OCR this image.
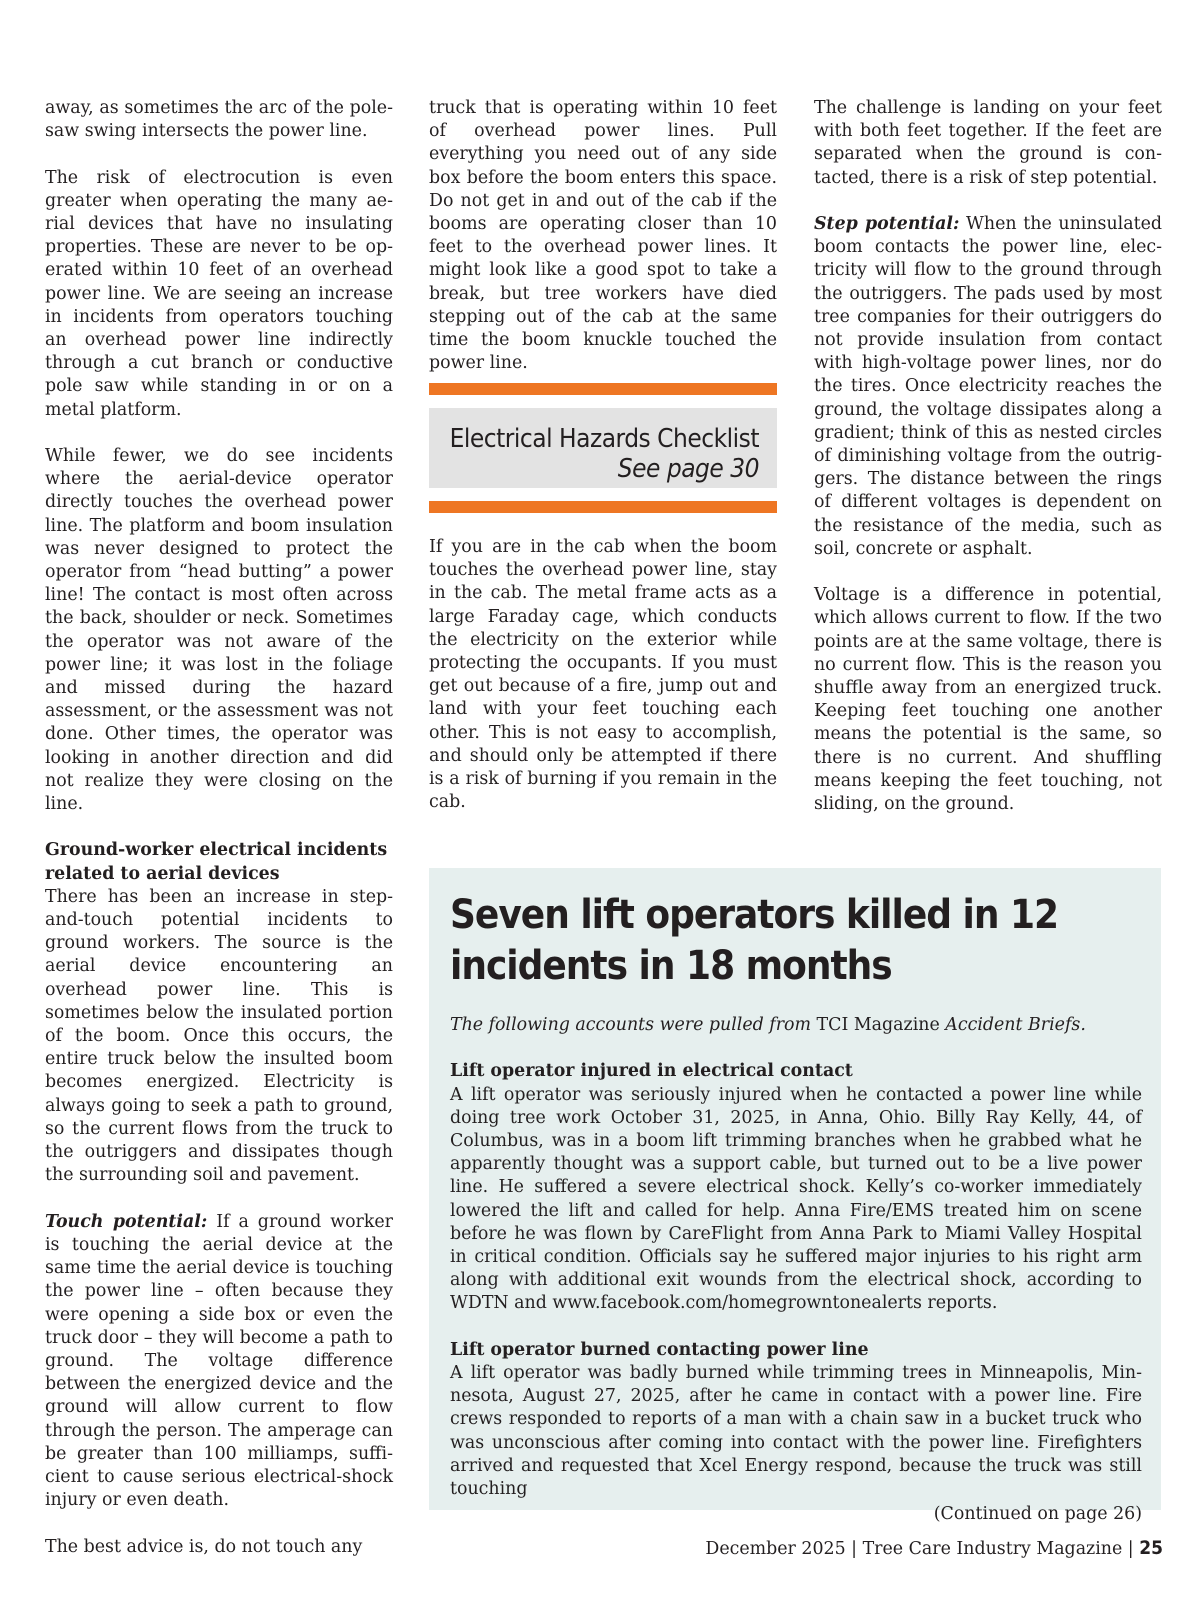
away, as sometimes the arc of the polesaw swing intersects the power line.

The risk of electrocution is even greater when operating the many aerial devices that have no insulating properties. These are never to be operated within 10 feet of an overhead power line. We are seeing an increase in incidents from operators touching an overhead power line indirectly through a cut branch or conductive pole saw while standing in or on a metal platform.

While fewer, we do see incidents where the aerial-device operator directly touches the overhead power line. The platform and boom insulation was never designed to protect the operator from “head butting” a power line! The contact is most often across the back, shoulder or neck. Sometimes the operator was not aware of the power line; it was lost in the foliage and missed during the hazard assessment, or the assessment was not done. Other times, the operator was looking in another direction and did not realize they were closing on the line.

Ground-worker electrical incidents related to aerial devices

There has been an increase in step-and-touch potential incidents to ground workers. The source is the aerial device encountering an overhead power line. This is sometimes below the insulated portion of the boom. Once this occurs, the entire truck below the insulted boom becomes energized. Electricity is always going to seek a path to ground, so the current flows from the truck to the outriggers and dissipates though the surrounding soil and pavement.

Touch potential: If a ground worker is touching the aerial device at the same time the aerial device is touching the power line – often because they were opening a side box or even the truck door – they will become a path to ground. The voltage difference between the energized device and the ground will allow current to flow through the person. The amperage can be greater than 100 milliamps, sufficient to cause serious electrical-shock injury or even death.

The best advice is, do not touch any

truck that is operating within 10 feet of overhead power lines. Pull everything you need out of any side box before the boom enters this space. Do not get in and out of the cab if the booms are operating closer than 10 feet to the overhead power lines. It might look like a good spot to take a break, but tree workers have died stepping out of the cab at the same time the boom knuckle touched the power line.

Electrical Hazards Checklist
See page 30

If you are in the cab when the boom touches the overhead power line, stay in the cab. The metal frame acts as a large Faraday cage, which conducts the electricity on the exterior while protecting the occupants. If you must get out because of a fire, jump out and land with your feet touching each other. This is not easy to accomplish, and should only be attempted if there is a risk of burning if you remain in the cab.

The challenge is landing on your feet with both feet together. If the feet are separated when the ground is contacted, there is a risk of step potential.

Step potential: When the uninsulated boom contacts the power line, electricity will flow to the ground through the outriggers. The pads used by most tree companies for their outriggers do not provide insulation from contact with high-voltage power lines, nor do the tires. Once electricity reaches the ground, the voltage dissipates along a gradient; think of this as nested circles of diminishing voltage from the outriggers. The distance between the rings of different voltages is dependent on the resistance of the media, such as soil, concrete or asphalt.

Voltage is a difference in potential, which allows current to flow. If the two points are at the same voltage, there is no current flow. This is the reason you shuffle away from an energized truck. Keeping feet touching one another means the potential is the same, so there is no current. And shuffling means keeping the feet touching, not sliding, on the ground.

Seven lift operators killed in 12 incidents in 18 months

The following accounts were pulled from TCI Magazine Accident Briefs.

Lift operator injured in electrical contact

A lift operator was seriously injured when he contacted a power line while doing tree work October 31, 2025, in Anna, Ohio. Billy Ray Kelly, 44, of Columbus, was in a boom lift trimming branches when he grabbed what he apparently thought was a support cable, but turned out to be a live power line. He suffered a severe electrical shock. Kelly’s co-worker immediately lowered the lift and called for help. Anna Fire/EMS treated him on scene before he was flown by CareFlight from Anna Park to Miami Valley Hospital in critical condition. Officials say he suffered major injuries to his right arm along with additional exit wounds from the electrical shock, according to WDTN and www.facebook.com/homegrowntonealerts reports.

Lift operator burned contacting power line

A lift operator was badly burned while trimming trees in Minneapolis, Minnesota, August 27, 2025, after he came in contact with a power line. Fire crews responded to reports of a man with a chain saw in a bucket truck who was unconscious after coming into contact with the power line. Firefighters arrived and requested that Xcel Energy respond, because the truck was still touching

(Continued on page 26)
December 2025 | Tree Care Industry Magazine | 25
